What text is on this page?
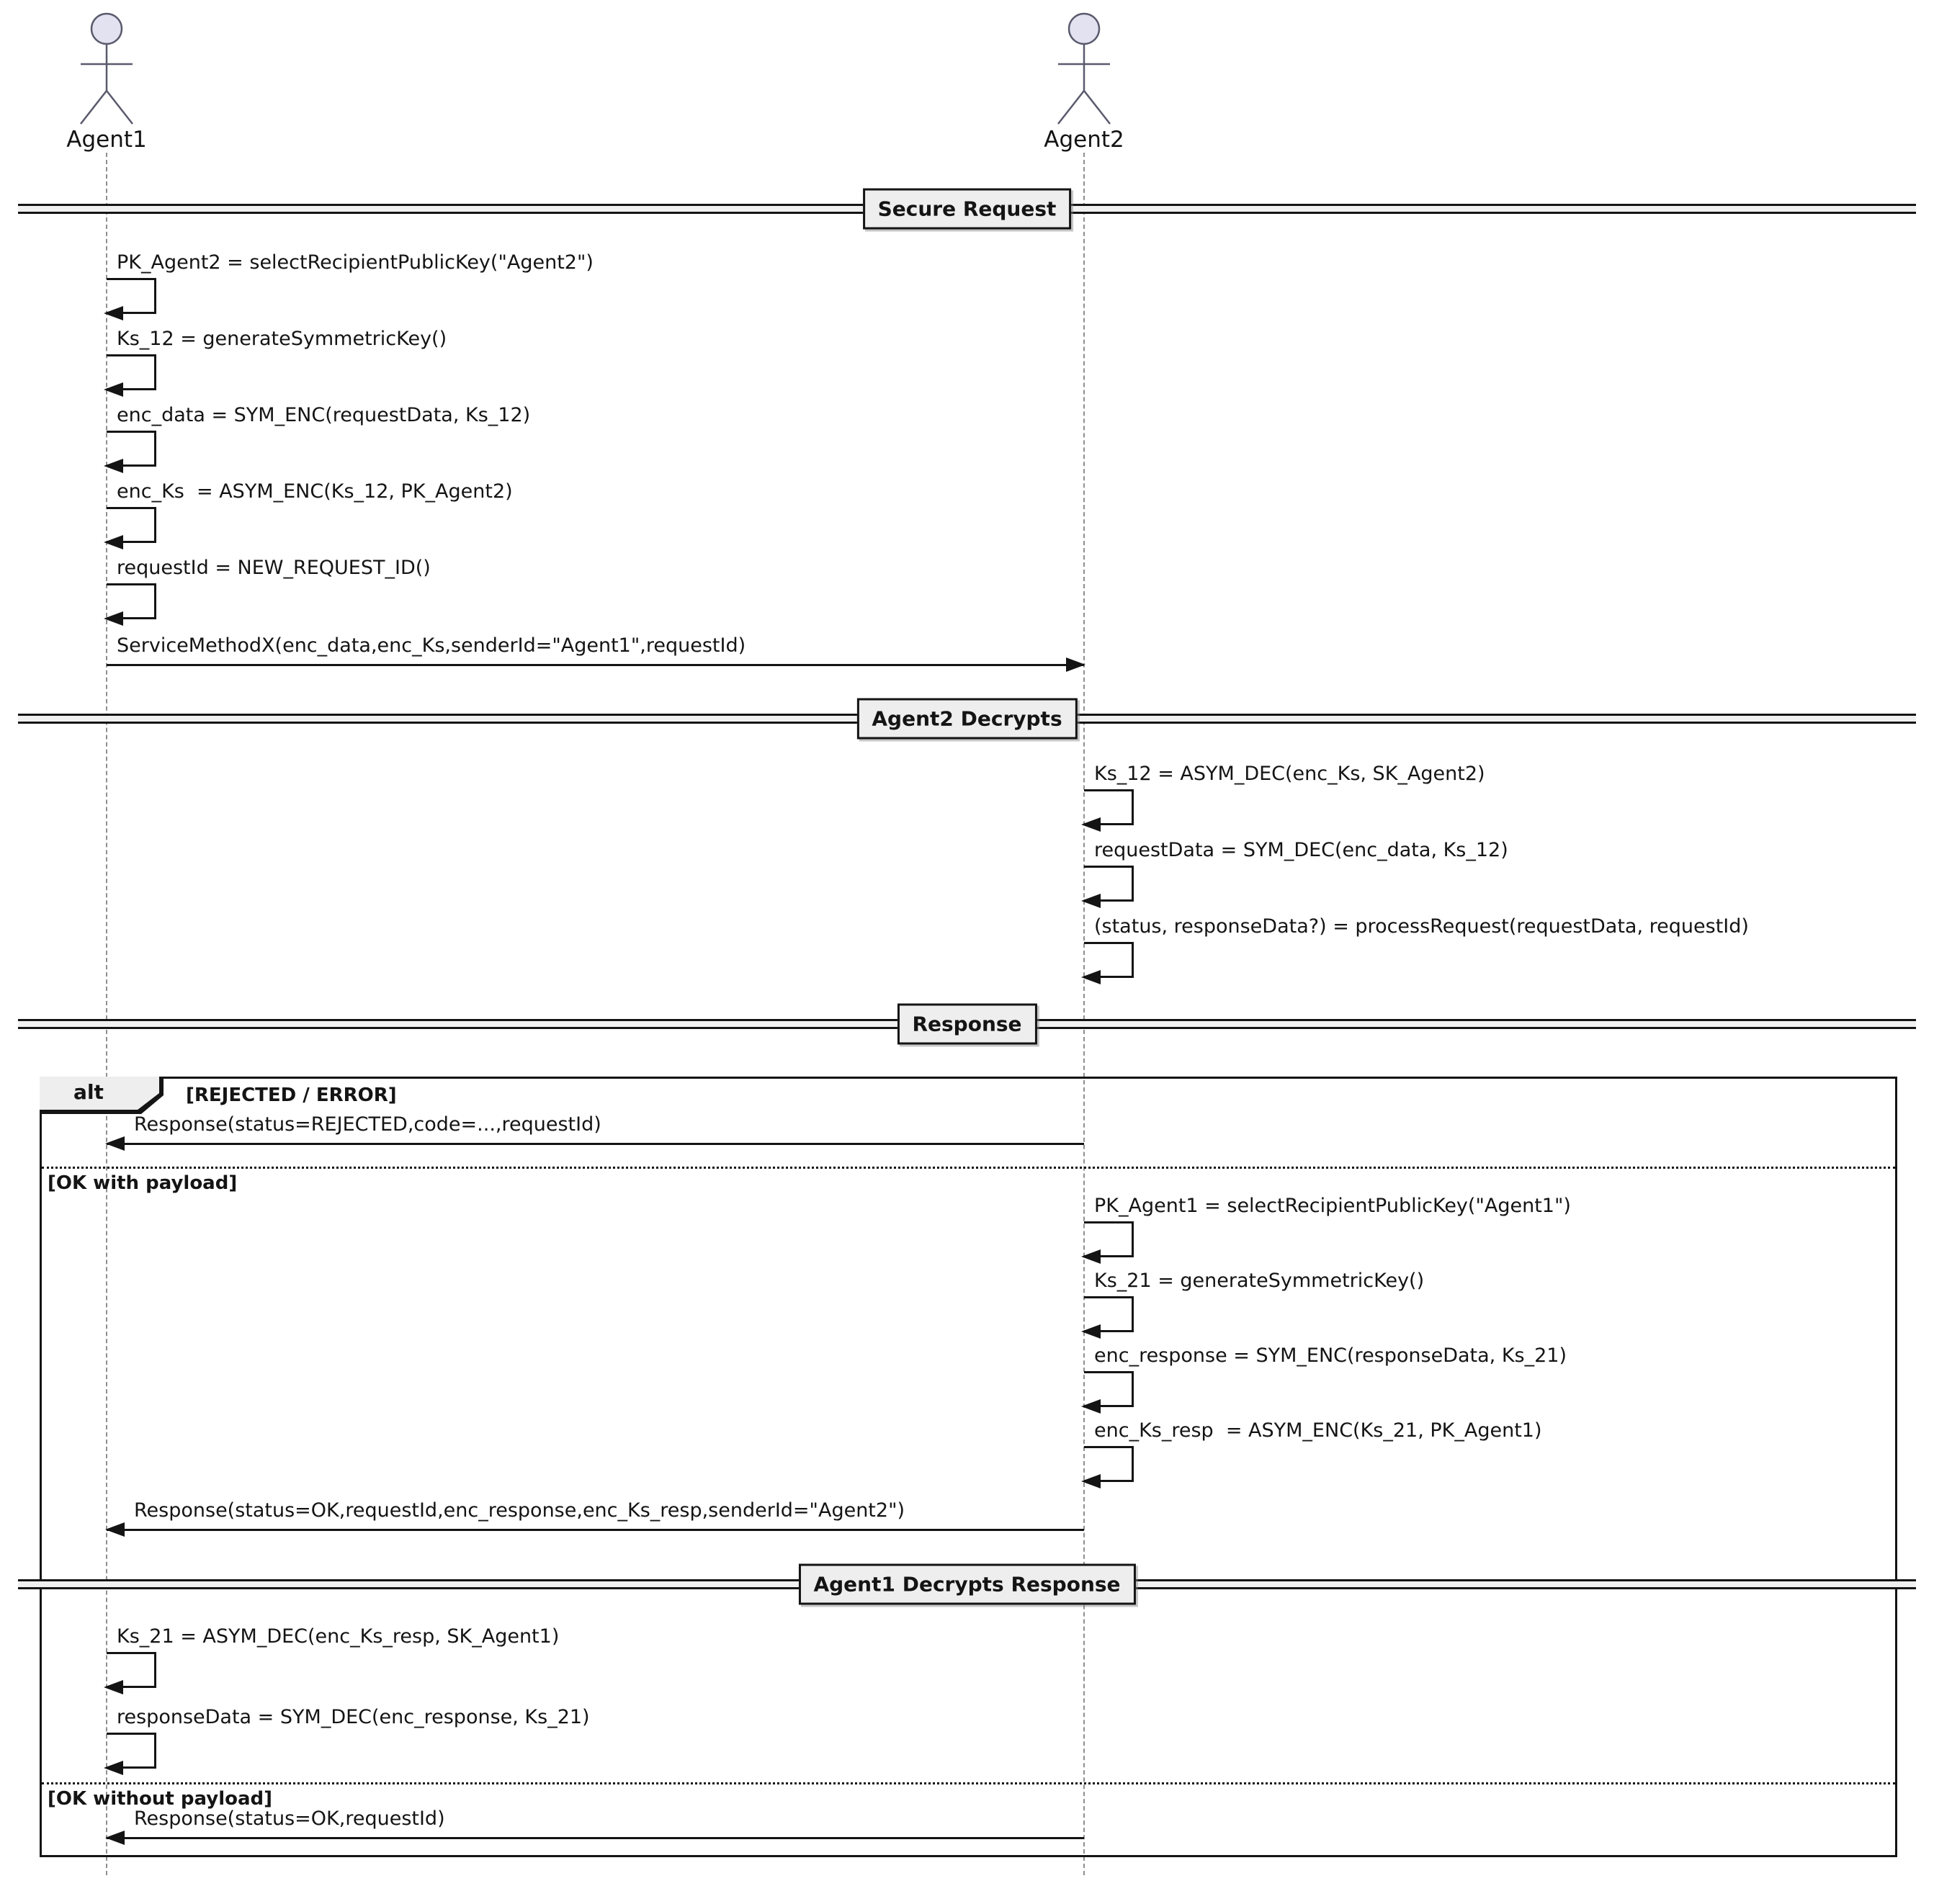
alt	[REJECTED / ERROR]
[OK with payload]
[OK without payload]
Agent1	Agent2
Secure Request
Agent2 Decrypts
Response
Agent1 Decrypts Response
PK_Agent2 = selectRecipientPublicKey("Agent2")
Ks_12 = generateSymmetricKey()
enc_data = SYM_ENC(requestData, Ks_12)
enc_Ks  = ASYM_ENC(Ks_12, PK_Agent2)
requestId = NEW_REQUEST_ID()
ServiceMethodX(enc_data,enc_Ks,senderId="Agent1",requestId)
Ks_12 = ASYM_DEC(enc_Ks, SK_Agent2)
requestData = SYM_DEC(enc_data, Ks_12)
(status, responseData?) = processRequest(requestData, requestId)
Response(status=REJECTED,code=...,requestId)
PK_Agent1 = selectRecipientPublicKey("Agent1")
Ks_21 = generateSymmetricKey()
enc_response = SYM_ENC(responseData, Ks_21)
enc_Ks_resp  = ASYM_ENC(Ks_21, PK_Agent1)
Response(status=OK,requestId,enc_response,enc_Ks_resp,senderId="Agent2")
Ks_21 = ASYM_DEC(enc_Ks_resp, SK_Agent1)
responseData = SYM_DEC(enc_response, Ks_21)
Response(status=OK,requestId)
